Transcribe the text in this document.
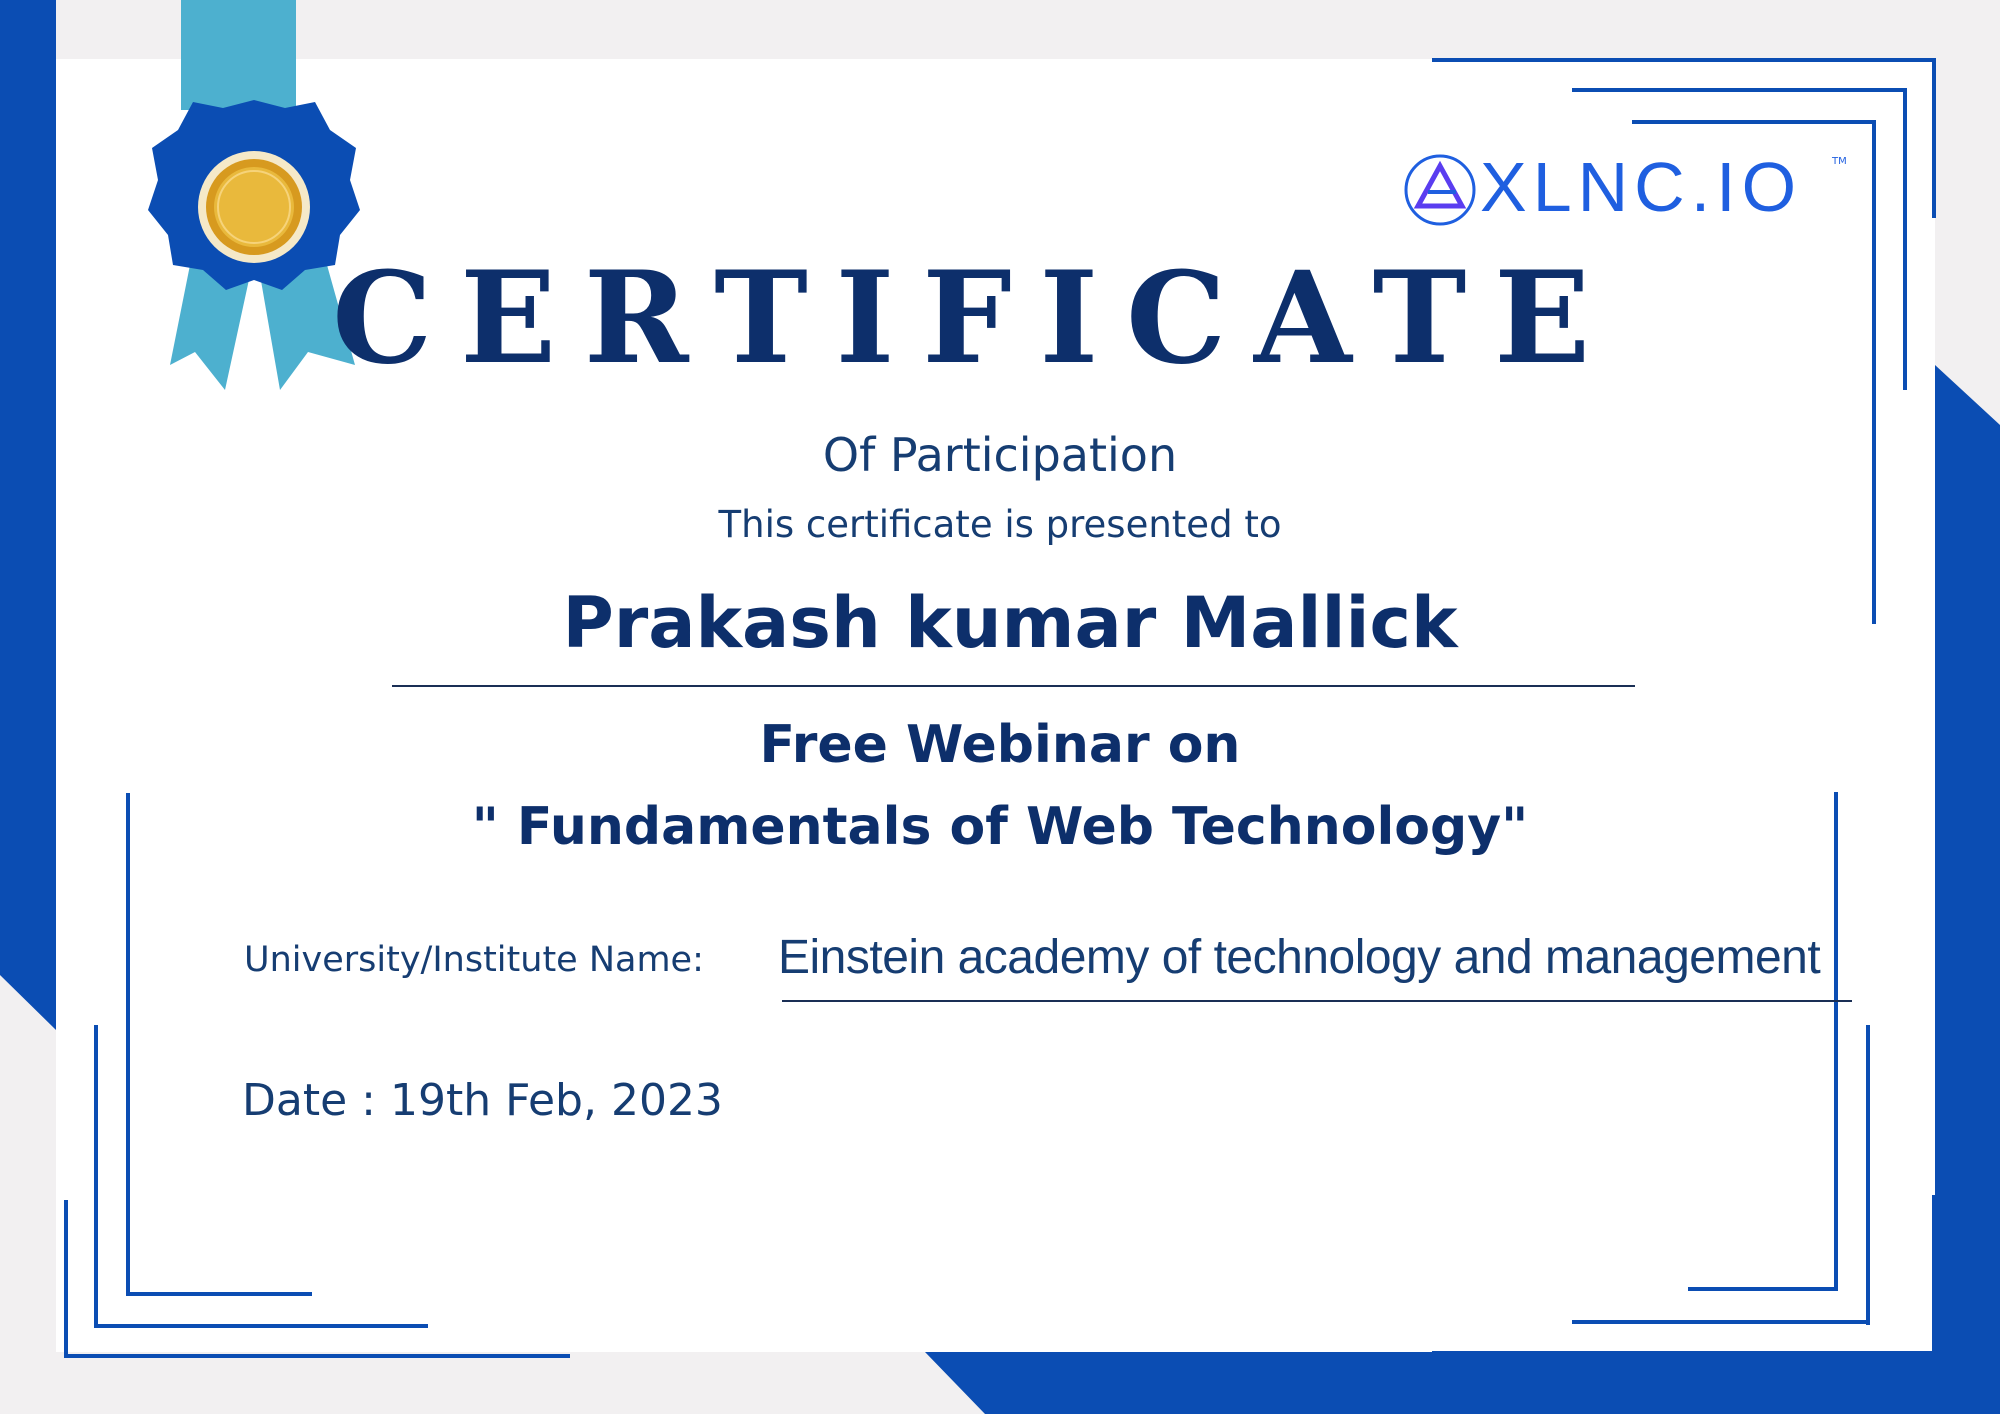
XLNC.IO	TM
CERTIFICATE
Of Participation
This certificate is presented to
Prakash kumar Mallick
Free Webinar on
" Fundamentals of Web Technology"
University/Institute Name:	Einstein academy of technology and management
Date : 19th Feb, 2023
